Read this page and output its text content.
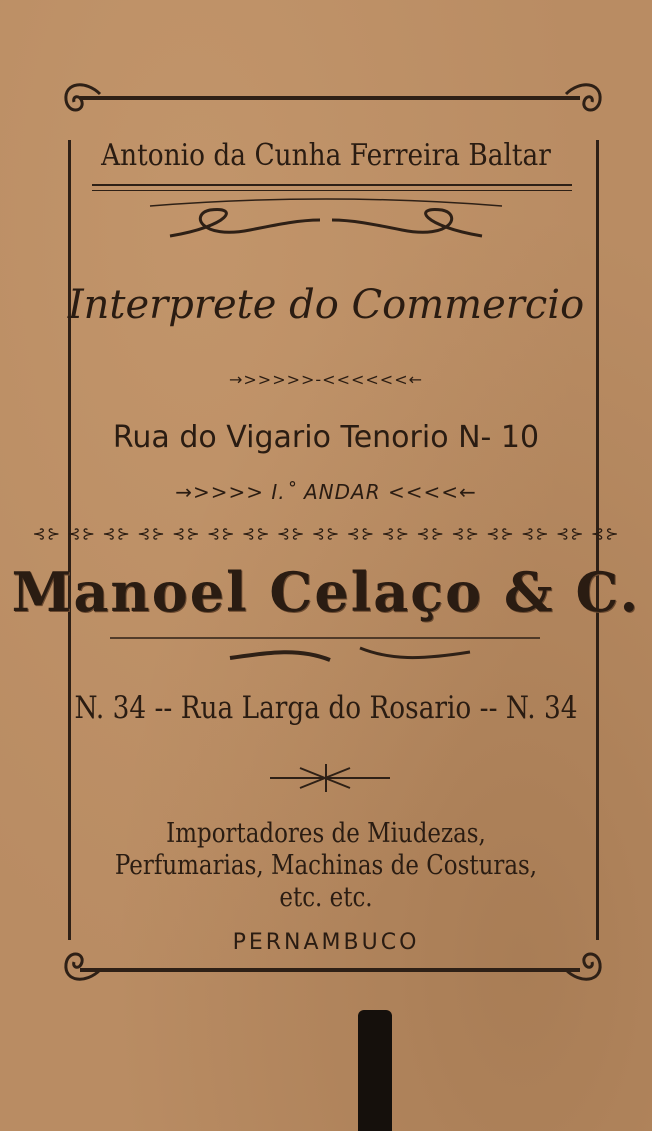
Antonio da Cunha Ferreira Baltar
Interprete do Commercio
→>>>>>-<<<<<<←
Rua do Vigario Tenorio N- 10
→>>>> I.˚ ANDAR <<<<←
⊰⊱ ⊰⊱ ⊰⊱ ⊰⊱ ⊰⊱ ⊰⊱ ⊰⊱ ⊰⊱ ⊰⊱ ⊰⊱ ⊰⊱ ⊰⊱ ⊰⊱ ⊰⊱ ⊰⊱ ⊰⊱ ⊰⊱
Manoel Celaço & C.
N. 34 -- Rua Larga do Rosario -- N. 34
Importadores de Miudezas,
Perfumarias, Machinas de Costuras,
etc. etc.
PERNAMBUCO
